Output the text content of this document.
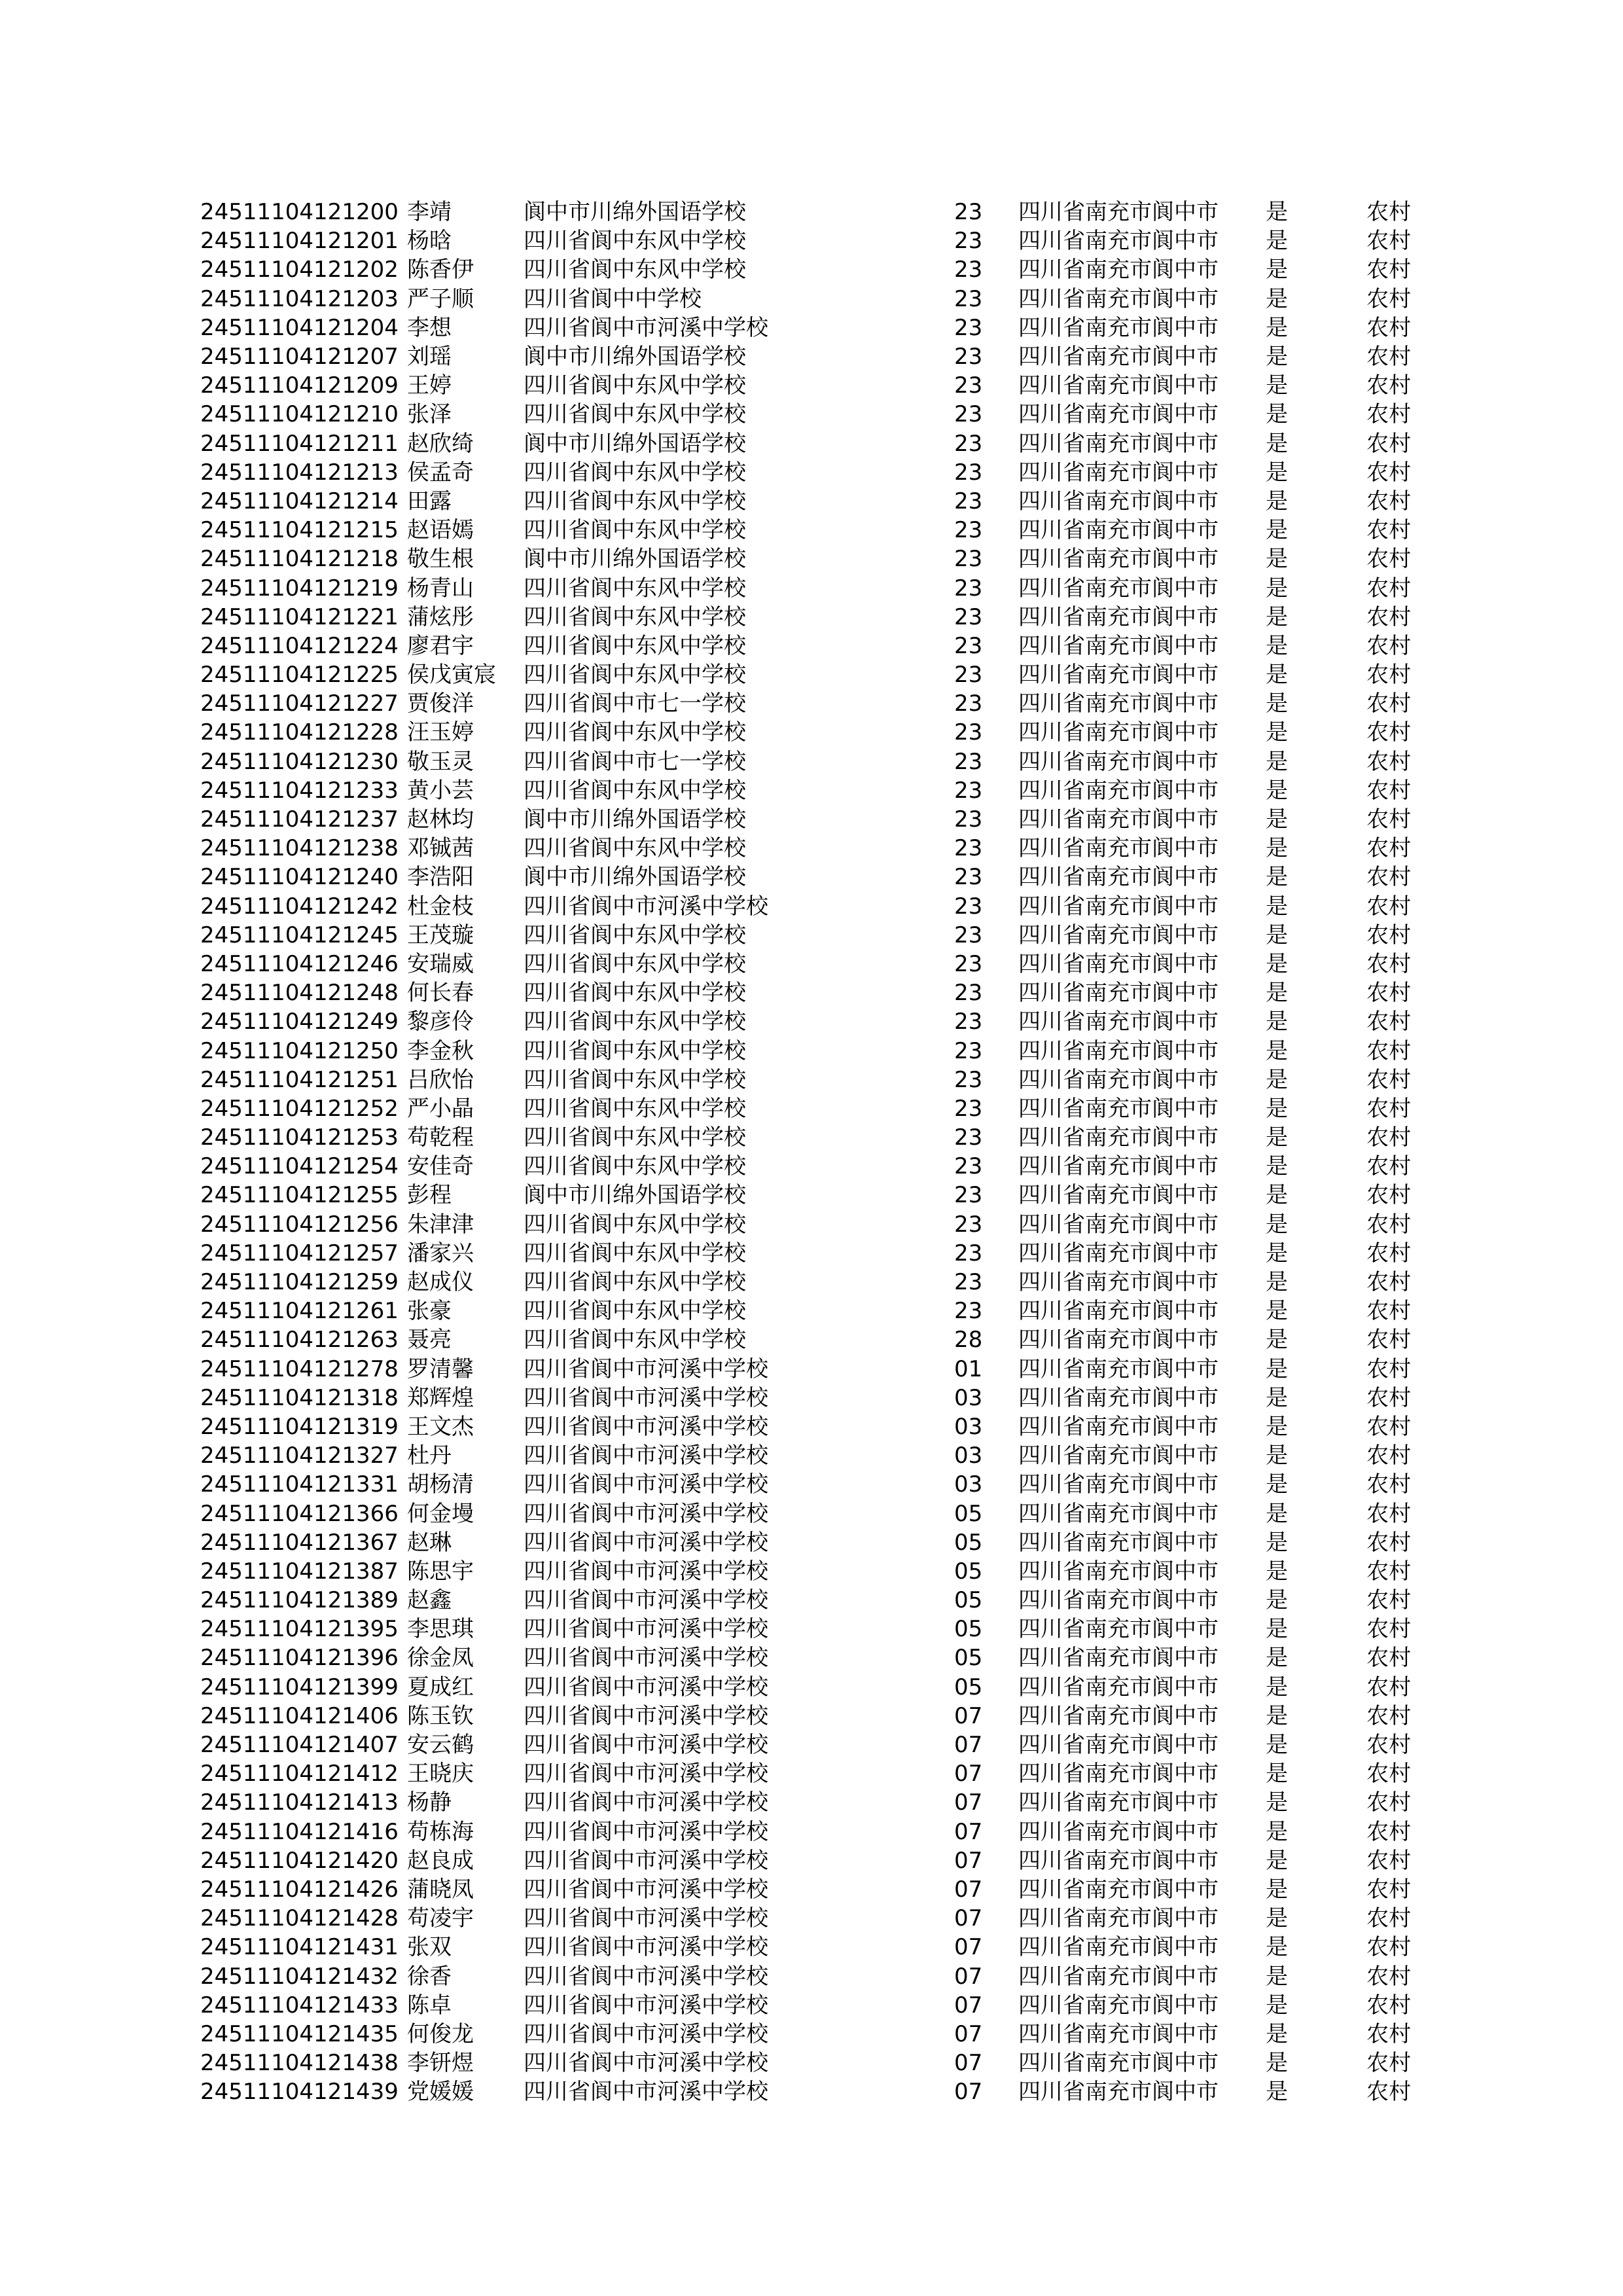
24511104121200	李靖	阆中市川绵外国语学校	23	四川省南充市阆中市	是	农村
24511104121201	杨晗	四川省阆中东风中学校	23	四川省南充市阆中市	是	农村
24511104121202	陈香伊	四川省阆中东风中学校	23	四川省南充市阆中市	是	农村
24511104121203	严子顺	四川省阆中中学校	23	四川省南充市阆中市	是	农村
24511104121204	李想	四川省阆中市河溪中学校	23	四川省南充市阆中市	是	农村
24511104121207	刘瑶	阆中市川绵外国语学校	23	四川省南充市阆中市	是	农村
24511104121209	王婷	四川省阆中东风中学校	23	四川省南充市阆中市	是	农村
24511104121210	张泽	四川省阆中东风中学校	23	四川省南充市阆中市	是	农村
24511104121211	赵欣绮	阆中市川绵外国语学校	23	四川省南充市阆中市	是	农村
24511104121213	侯孟奇	四川省阆中东风中学校	23	四川省南充市阆中市	是	农村
24511104121214	田露	四川省阆中东风中学校	23	四川省南充市阆中市	是	农村
24511104121215	赵语嫣	四川省阆中东风中学校	23	四川省南充市阆中市	是	农村
24511104121218	敬生根	阆中市川绵外国语学校	23	四川省南充市阆中市	是	农村
24511104121219	杨青山	四川省阆中东风中学校	23	四川省南充市阆中市	是	农村
24511104121221	蒲炫彤	四川省阆中东风中学校	23	四川省南充市阆中市	是	农村
24511104121224	廖君宇	四川省阆中东风中学校	23	四川省南充市阆中市	是	农村
24511104121225	侯戊寅宸	四川省阆中东风中学校	23	四川省南充市阆中市	是	农村
24511104121227	贾俊洋	四川省阆中市七一学校	23	四川省南充市阆中市	是	农村
24511104121228	汪玉婷	四川省阆中东风中学校	23	四川省南充市阆中市	是	农村
24511104121230	敬玉灵	四川省阆中市七一学校	23	四川省南充市阆中市	是	农村
24511104121233	黄小芸	四川省阆中东风中学校	23	四川省南充市阆中市	是	农村
24511104121237	赵林均	阆中市川绵外国语学校	23	四川省南充市阆中市	是	农村
24511104121238	邓铖茜	四川省阆中东风中学校	23	四川省南充市阆中市	是	农村
24511104121240	李浩阳	阆中市川绵外国语学校	23	四川省南充市阆中市	是	农村
24511104121242	杜金枝	四川省阆中市河溪中学校	23	四川省南充市阆中市	是	农村
24511104121245	王茂璇	四川省阆中东风中学校	23	四川省南充市阆中市	是	农村
24511104121246	安瑞威	四川省阆中东风中学校	23	四川省南充市阆中市	是	农村
24511104121248	何长春	四川省阆中东风中学校	23	四川省南充市阆中市	是	农村
24511104121249	黎彦伶	四川省阆中东风中学校	23	四川省南充市阆中市	是	农村
24511104121250	李金秋	四川省阆中东风中学校	23	四川省南充市阆中市	是	农村
24511104121251	吕欣怡	四川省阆中东风中学校	23	四川省南充市阆中市	是	农村
24511104121252	严小晶	四川省阆中东风中学校	23	四川省南充市阆中市	是	农村
24511104121253	苟乾程	四川省阆中东风中学校	23	四川省南充市阆中市	是	农村
24511104121254	安佳奇	四川省阆中东风中学校	23	四川省南充市阆中市	是	农村
24511104121255	彭程	阆中市川绵外国语学校	23	四川省南充市阆中市	是	农村
24511104121256	朱津津	四川省阆中东风中学校	23	四川省南充市阆中市	是	农村
24511104121257	潘家兴	四川省阆中东风中学校	23	四川省南充市阆中市	是	农村
24511104121259	赵成仪	四川省阆中东风中学校	23	四川省南充市阆中市	是	农村
24511104121261	张豪	四川省阆中东风中学校	23	四川省南充市阆中市	是	农村
24511104121263	聂亮	四川省阆中东风中学校	28	四川省南充市阆中市	是	农村
24511104121278	罗清馨	四川省阆中市河溪中学校	01	四川省南充市阆中市	是	农村
24511104121318	郑辉煌	四川省阆中市河溪中学校	03	四川省南充市阆中市	是	农村
24511104121319	王文杰	四川省阆中市河溪中学校	03	四川省南充市阆中市	是	农村
24511104121327	杜丹	四川省阆中市河溪中学校	03	四川省南充市阆中市	是	农村
24511104121331	胡杨清	四川省阆中市河溪中学校	03	四川省南充市阆中市	是	农村
24511104121366	何金墁	四川省阆中市河溪中学校	05	四川省南充市阆中市	是	农村
24511104121367	赵琳	四川省阆中市河溪中学校	05	四川省南充市阆中市	是	农村
24511104121387	陈思宇	四川省阆中市河溪中学校	05	四川省南充市阆中市	是	农村
24511104121389	赵鑫	四川省阆中市河溪中学校	05	四川省南充市阆中市	是	农村
24511104121395	李思琪	四川省阆中市河溪中学校	05	四川省南充市阆中市	是	农村
24511104121396	徐金凤	四川省阆中市河溪中学校	05	四川省南充市阆中市	是	农村
24511104121399	夏成红	四川省阆中市河溪中学校	05	四川省南充市阆中市	是	农村
24511104121406	陈玉钦	四川省阆中市河溪中学校	07	四川省南充市阆中市	是	农村
24511104121407	安云鹤	四川省阆中市河溪中学校	07	四川省南充市阆中市	是	农村
24511104121412	王晓庆	四川省阆中市河溪中学校	07	四川省南充市阆中市	是	农村
24511104121413	杨静	四川省阆中市河溪中学校	07	四川省南充市阆中市	是	农村
24511104121416	苟栋海	四川省阆中市河溪中学校	07	四川省南充市阆中市	是	农村
24511104121420	赵良成	四川省阆中市河溪中学校	07	四川省南充市阆中市	是	农村
24511104121426	蒲晓凤	四川省阆中市河溪中学校	07	四川省南充市阆中市	是	农村
24511104121428	苟凌宇	四川省阆中市河溪中学校	07	四川省南充市阆中市	是	农村
24511104121431	张双	四川省阆中市河溪中学校	07	四川省南充市阆中市	是	农村
24511104121432	徐香	四川省阆中市河溪中学校	07	四川省南充市阆中市	是	农村
24511104121433	陈卓	四川省阆中市河溪中学校	07	四川省南充市阆中市	是	农村
24511104121435	何俊龙	四川省阆中市河溪中学校	07	四川省南充市阆中市	是	农村
24511104121438	李钘煜	四川省阆中市河溪中学校	07	四川省南充市阆中市	是	农村
24511104121439	党媛媛	四川省阆中市河溪中学校	07	四川省南充市阆中市	是	农村
